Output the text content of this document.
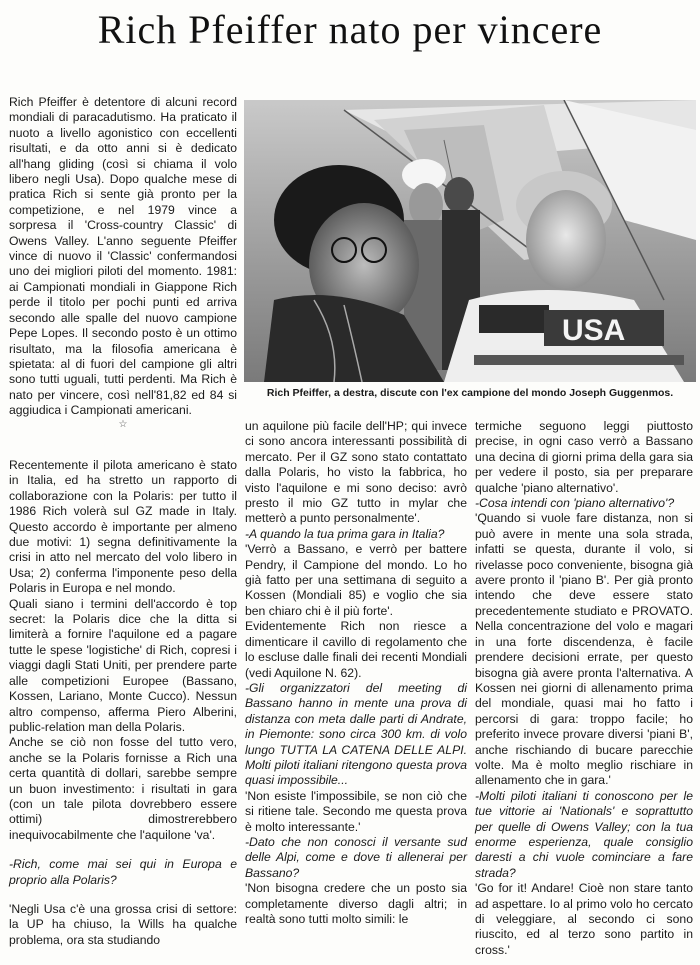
Rich Pfeiffer nato per vincere

Rich Pfeiffer è detentore di alcuni record mondiali di paracadutismo. Ha praticato il nuoto a livello agonistico con eccellenti risultati, e da otto anni si è dedicato all'hang gliding (così si chiama il volo libero negli Usa). Dopo qualche mese di pratica Rich si sente già pronto per la competizione, e nel 1979 vince a sorpresa il 'Cross-country Classic' di Owens Valley. L'anno seguente Pfeiffer vince di nuovo il 'Classic' confermandosi uno dei migliori piloti del momento. 1981: ai Campionati mondiali in Giappone Rich perde il titolo per pochi punti ed arriva secondo alle spalle del nuovo campione Pepe Lopes. Il secondo posto è un ottimo risultato, ma la filosofia americana è spietata: al di fuori del campione gli altri sono tutti uguali, tutti perdenti. Ma Rich è nato per vincere, così nell'81,82 ed 84 si aggiudica i Campionati americani.

☆
USA
Rich Pfeiffer, a destra, discute con l'ex campione del mondo Joseph Guggenmos.

Recentemente il pilota americano è stato in Italia, ed ha stretto un rapporto di collaborazione con la Polaris: per tutto il 1986 Rich volerà sul GZ made in Italy. Questo accordo è importante per almeno due motivi: 1) segna definitivamente la crisi in atto nel mercato del volo libero in Usa; 2) conferma l'imponente peso della Polaris in Europa e nel mondo.

Quali siano i termini dell'accordo è top secret: la Polaris dice che la ditta si limiterà a fornire l'aquilone ed a pagare tutte le spese 'logistiche' di Rich, copresi i viaggi dagli Stati Uniti, per prendere parte alle competizioni Europee (Bassano, Kossen, Lariano, Monte Cucco). Nessun altro compenso, afferma Piero Alberini, public-relation man della Polaris.

Anche se ciò non fosse del tutto vero, anche se la Polaris fornisse a Rich una certa quantità di dollari, sarebbe sempre un buon investimento: i risultati in gara (con un tale pilota dovrebbero essere ottimi) dimostrerebbero inequivocabilmente che l'aquilone 'va'.

-Rich, come mai sei qui in Europa e proprio alla Polaris?

'Negli Usa c'è una grossa crisi di settore: la UP ha chiuso, la Wills ha qualche problema, ora sta studiando

un aquilone più facile dell'HP; qui invece ci sono ancora interessanti possibilità di mercato. Per il GZ sono stato contattato dalla Polaris, ho visto la fabbrica, ho visto l'aquilone e mi sono deciso: avrò presto il mio GZ tutto in mylar che metterò a punto personalmente'.

-A quando la tua prima gara in Italia?

'Verrò a Bassano, e verrò per battere Pendry, il Campione del mondo. Lo ho già fatto per una settimana di seguito a Kossen (Mondiali 85) e voglio che sia ben chiaro chi è il più forte'.

Evidentemente Rich non riesce a dimenticare il cavillo di regolamento che lo escluse dalle finali dei recenti Mondiali (vedi Aquilone N. 62).

-Gli organizzatori del meeting di Bassano hanno in mente una prova di distanza con meta dalle parti di Andrate, in Piemonte: sono circa 300 km. di volo lungo TUTTA LA CATENA DELLE ALPI. Molti piloti italiani ritengono questa prova quasi impossibile...

'Non esiste l'impossibile, se non ciò che si ritiene tale. Secondo me questa prova è molto interessante.'

-Dato che non conosci il versante sud delle Alpi, come e dove ti allenerai per Bassano?

'Non bisogna credere che un posto sia completamente diverso dagli altri; in realtà sono tutti molto simili: le

termiche seguono leggi piuttosto precise, in ogni caso verrò a Bassano una decina di giorni prima della gara sia per vedere il posto, sia per preparare qualche 'piano alternativo'.

-Cosa intendi con 'piano alternativo'?

'Quando si vuole fare distanza, non si può avere in mente una sola strada, infatti se questa, durante il volo, si rivelasse poco conveniente, bisogna già avere pronto il 'piano B'. Per già pronto intendo che deve essere stato precedentemente studiato e PROVATO. Nella concentrazione del volo e magari in una forte discendenza, è facile prendere decisioni errate, per questo bisogna già avere pronta l'alternativa. A Kossen nei giorni di allenamento prima del mondiale, quasi mai ho fatto i percorsi di gara: troppo facile; ho preferito invece provare diversi 'piani B', anche rischiando di bucare parecchie volte. Ma è molto meglio rischiare in allenamento che in gara.'

-Molti piloti italiani ti conoscono per le tue vittorie ai 'Nationals' e soprattutto per quelle di Owens Valley; con la tua enorme esperienza, quale consiglio daresti a chi vuole cominciare a fare strada?

'Go for it! Andare! Cioè non stare tanto ad aspettare. Io al primo volo ho cercato di veleggiare, al secondo ci sono riuscito, ed al terzo sono partito in cross.'
